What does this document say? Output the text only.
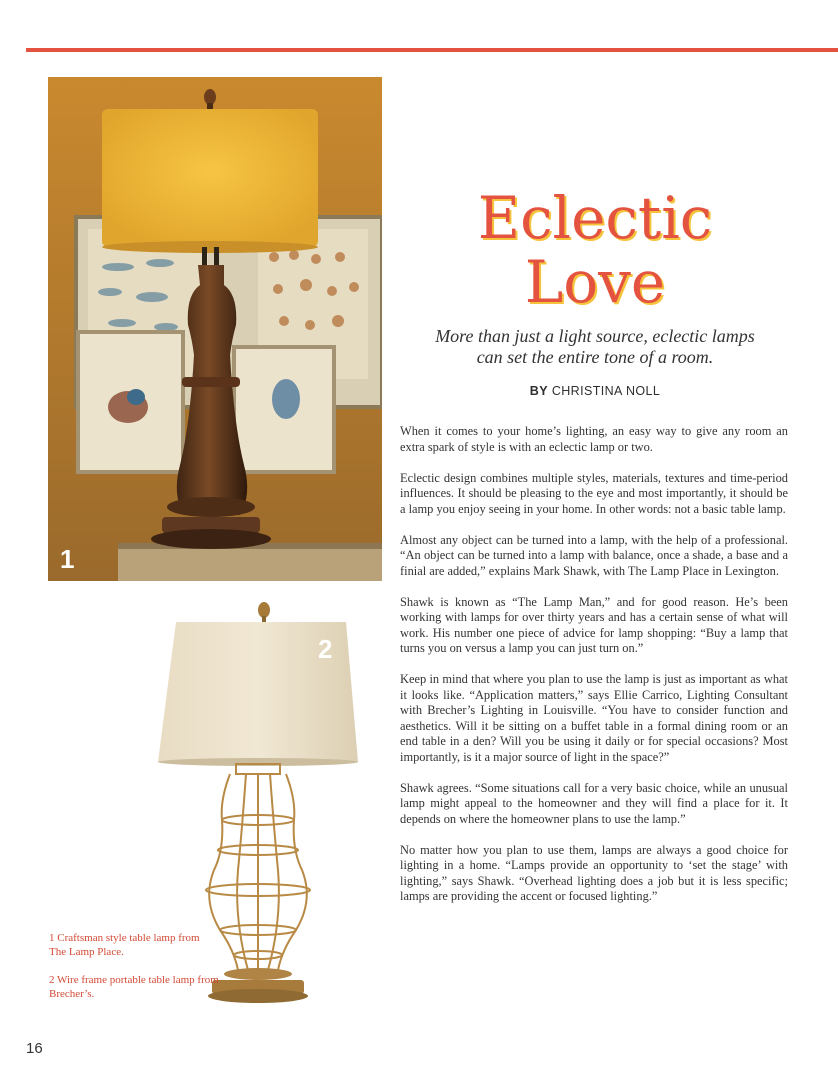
1
2
Eclectic
Love
More than just a light source, eclectic lamps
can set the entire tone of a room.
BY CHRISTINA NOLL

When it comes to your home’s lighting, an easy way to give any room an extra spark of style is with an eclectic lamp or two.

Eclectic design combines multiple styles, materials, textures and time-period influences. It should be pleasing to the eye and most importantly, it should be a lamp you enjoy seeing in your home. In other words: not a basic table lamp.

Almost any object can be turned into a lamp, with the help of a professional. “An object can be turned into a lamp with balance, once a shade, a base and a finial are added,” explains Mark Shawk, with The Lamp Place in Lexington.

Shawk is known as “The Lamp Man,” and for good reason. He’s been working with lamps for over thirty years and has a certain sense of what will work. His number one piece of advice for lamp shopping: “Buy a lamp that turns you on versus a lamp you can just turn on.”

Keep in mind that where you plan to use the lamp is just as important as what it looks like. “Application matters,” says Ellie Carrico, Lighting Consultant with Brecher’s Lighting in Louisville. “You have to consider function and aesthetics. Will it be sitting on a buffet table in a formal dining room or an end table in a den? Will you be using it daily or for special occasions? Most importantly, is it a major source of light in the space?”

Shawk agrees. “Some situations call for a very basic choice, while an unusual lamp might appeal to the homeowner and they will find a place for it. It depends on where the homeowner plans to use the lamp.”

No matter how you plan to use them, lamps are always a good choice for lighting in a home. “Lamps provide an opportunity to ‘set the stage’ with lighting,” says Shawk. “Overhead lighting does a job but it is less specific; lamps are providing the accent or focused lighting.”

1 Craftsman style table lamp from The Lamp Place.

2 Wire frame portable table lamp from Brecher’s.

16
